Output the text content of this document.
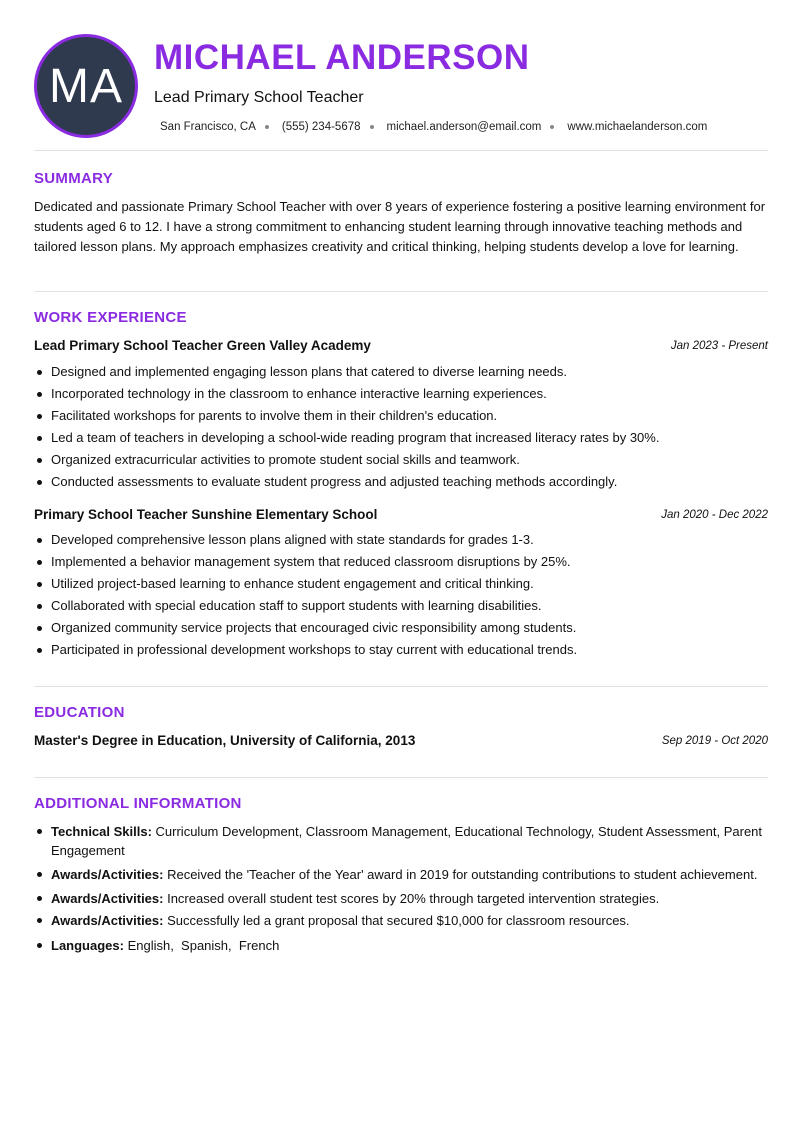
MA
MICHAEL ANDERSON
Lead Primary School Teacher
San Francisco, CA (555) 234-5678 michael.anderson@email.com www.michaelanderson.com
SUMMARY
Dedicated and passionate Primary School Teacher with over 8 years of experience fostering a positive learning environment for students aged 6 to 12. I have a strong commitment to enhancing student learning through innovative teaching methods and tailored lesson plans. My approach emphasizes creativity and critical thinking, helping students develop a love for learning.
WORK EXPERIENCE
Lead Primary School Teacher Green Valley Academy	Jan 2023 - Present
Designed and implemented engaging lesson plans that catered to diverse learning needs.
Incorporated technology in the classroom to enhance interactive learning experiences.
Facilitated workshops for parents to involve them in their children's education.
Led a team of teachers in developing a school-wide reading program that increased literacy rates by 30%.
Organized extracurricular activities to promote student social skills and teamwork.
Conducted assessments to evaluate student progress and adjusted teaching methods accordingly.
Primary School Teacher Sunshine Elementary School	Jan 2020 - Dec 2022
Developed comprehensive lesson plans aligned with state standards for grades 1-3.
Implemented a behavior management system that reduced classroom disruptions by 25%.
Utilized project-based learning to enhance student engagement and critical thinking.
Collaborated with special education staff to support students with learning disabilities.
Organized community service projects that encouraged civic responsibility among students.
Participated in professional development workshops to stay current with educational trends.
EDUCATION
Master's Degree in Education, University of California, 2013	Sep 2019 - Oct 2020
ADDITIONAL INFORMATION
Technical Skills: Curriculum Development, Classroom Management, Educational Technology, Student Assessment, Parent Engagement
Awards/Activities: Received the 'Teacher of the Year' award in 2019 for outstanding contributions to student achievement.
Awards/Activities: Increased overall student test scores by 20% through targeted intervention strategies.
Awards/Activities: Successfully led a grant proposal that secured $10,000 for classroom resources.
Languages: English,  Spanish,  French
